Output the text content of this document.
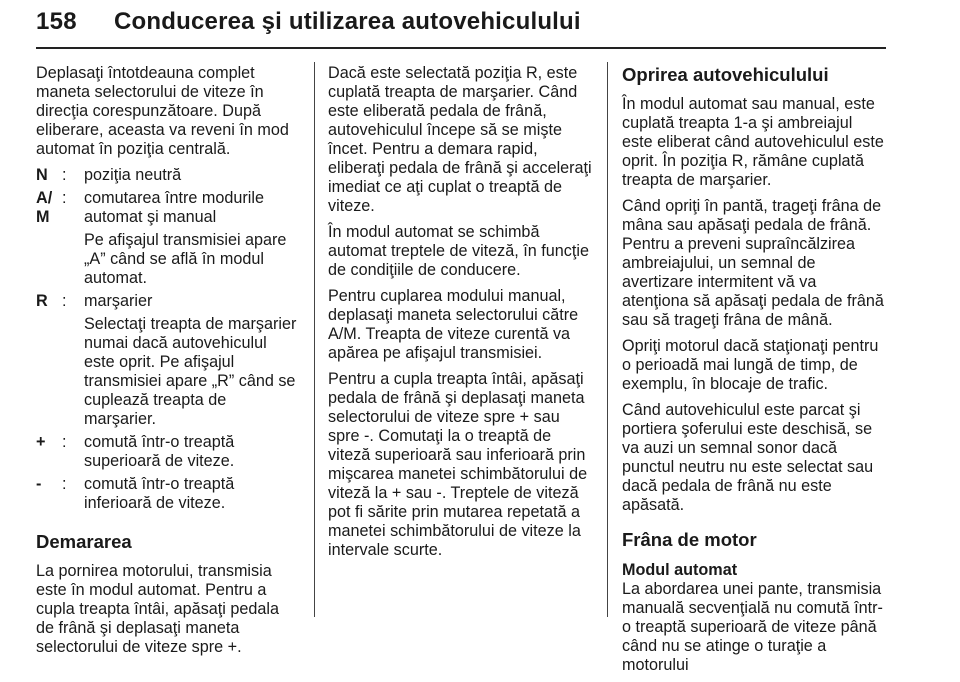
158 Conducerea şi utilizarea autovehiculului

Deplasaţi întotdeauna complet maneta selectorului de viteze în direcţia corespunzătoare. După eliberare, aceasta va reveni în mod automat în poziţia centrală.

N :	poziţia neutră

A/
M
:	comutarea între modurile automat şi manual

Pe afişajul transmisiei apare „A” când se află în modul automat.

R :	marşarier

Selectaţi treapta de marşarier numai dacă autovehiculul este oprit. Pe afişajul transmisiei apare „R” când se cuplează treapta de marşarier.

+	:	comută într-o treaptă superioară de viteze.

-	:	comută într-o treaptă inferioară de viteze.

Demararea

La pornirea motorului, transmisia este în modul automat. Pentru a cupla treapta întâi, apăsaţi pedala de frână şi deplasaţi maneta selectorului de viteze spre +.

Dacă este selectată poziţia R, este cuplată treapta de marşarier. Când este eliberată pedala de frână, autovehiculul începe să se mişte încet. Pentru a demara rapid, eliberaţi pedala de frână şi acceleraţi imediat ce aţi cuplat o treaptă de viteze.

În modul automat se schimbă automat treptele de viteză, în funcţie de condiţiile de conducere.

Pentru cuplarea modului manual, deplasaţi maneta selectorului către A/M. Treapta de viteze curentă va apărea pe afişajul transmisiei.

Pentru a cupla treapta întâi, apăsaţi pedala de frână şi deplasaţi maneta selectorului de viteze spre + sau spre -. Comutaţi la o treaptă de viteză superioară sau inferioară prin mişcarea manetei schimbătorului de viteză la + sau -. Treptele de viteză pot fi sărite prin mutarea repetată a manetei schimbătorului de viteze la intervale scurte.

Oprirea autovehiculului

În modul automat sau manual, este cuplată treapta 1-a şi ambreiajul este eliberat când autovehiculul este oprit. În poziţia R, rămâne cuplată treapta de marşarier.

Când opriţi în pantă, trageţi frâna de mâna sau apăsaţi pedala de frână. Pentru a preveni supraîncălzirea ambreiajului, un semnal de avertizare intermitent vă va atenţiona să apăsaţi pedala de frână sau să trageţi frâna de mână.

Opriţi motorul dacă staţionaţi pentru o perioadă mai lungă de timp, de exemplu, în blocaje de trafic.

Când autovehiculul este parcat şi portiera şoferului este deschisă, se va auzi un semnal sonor dacă punctul neutru nu este selectat sau dacă pedala de frână nu este apăsată.

Frâna de motor
Modul automat

La abordarea unei pante, transmisia manuală secvenţială nu comută într-o treaptă superioară de viteze până când nu se atinge o turaţie a motorului
